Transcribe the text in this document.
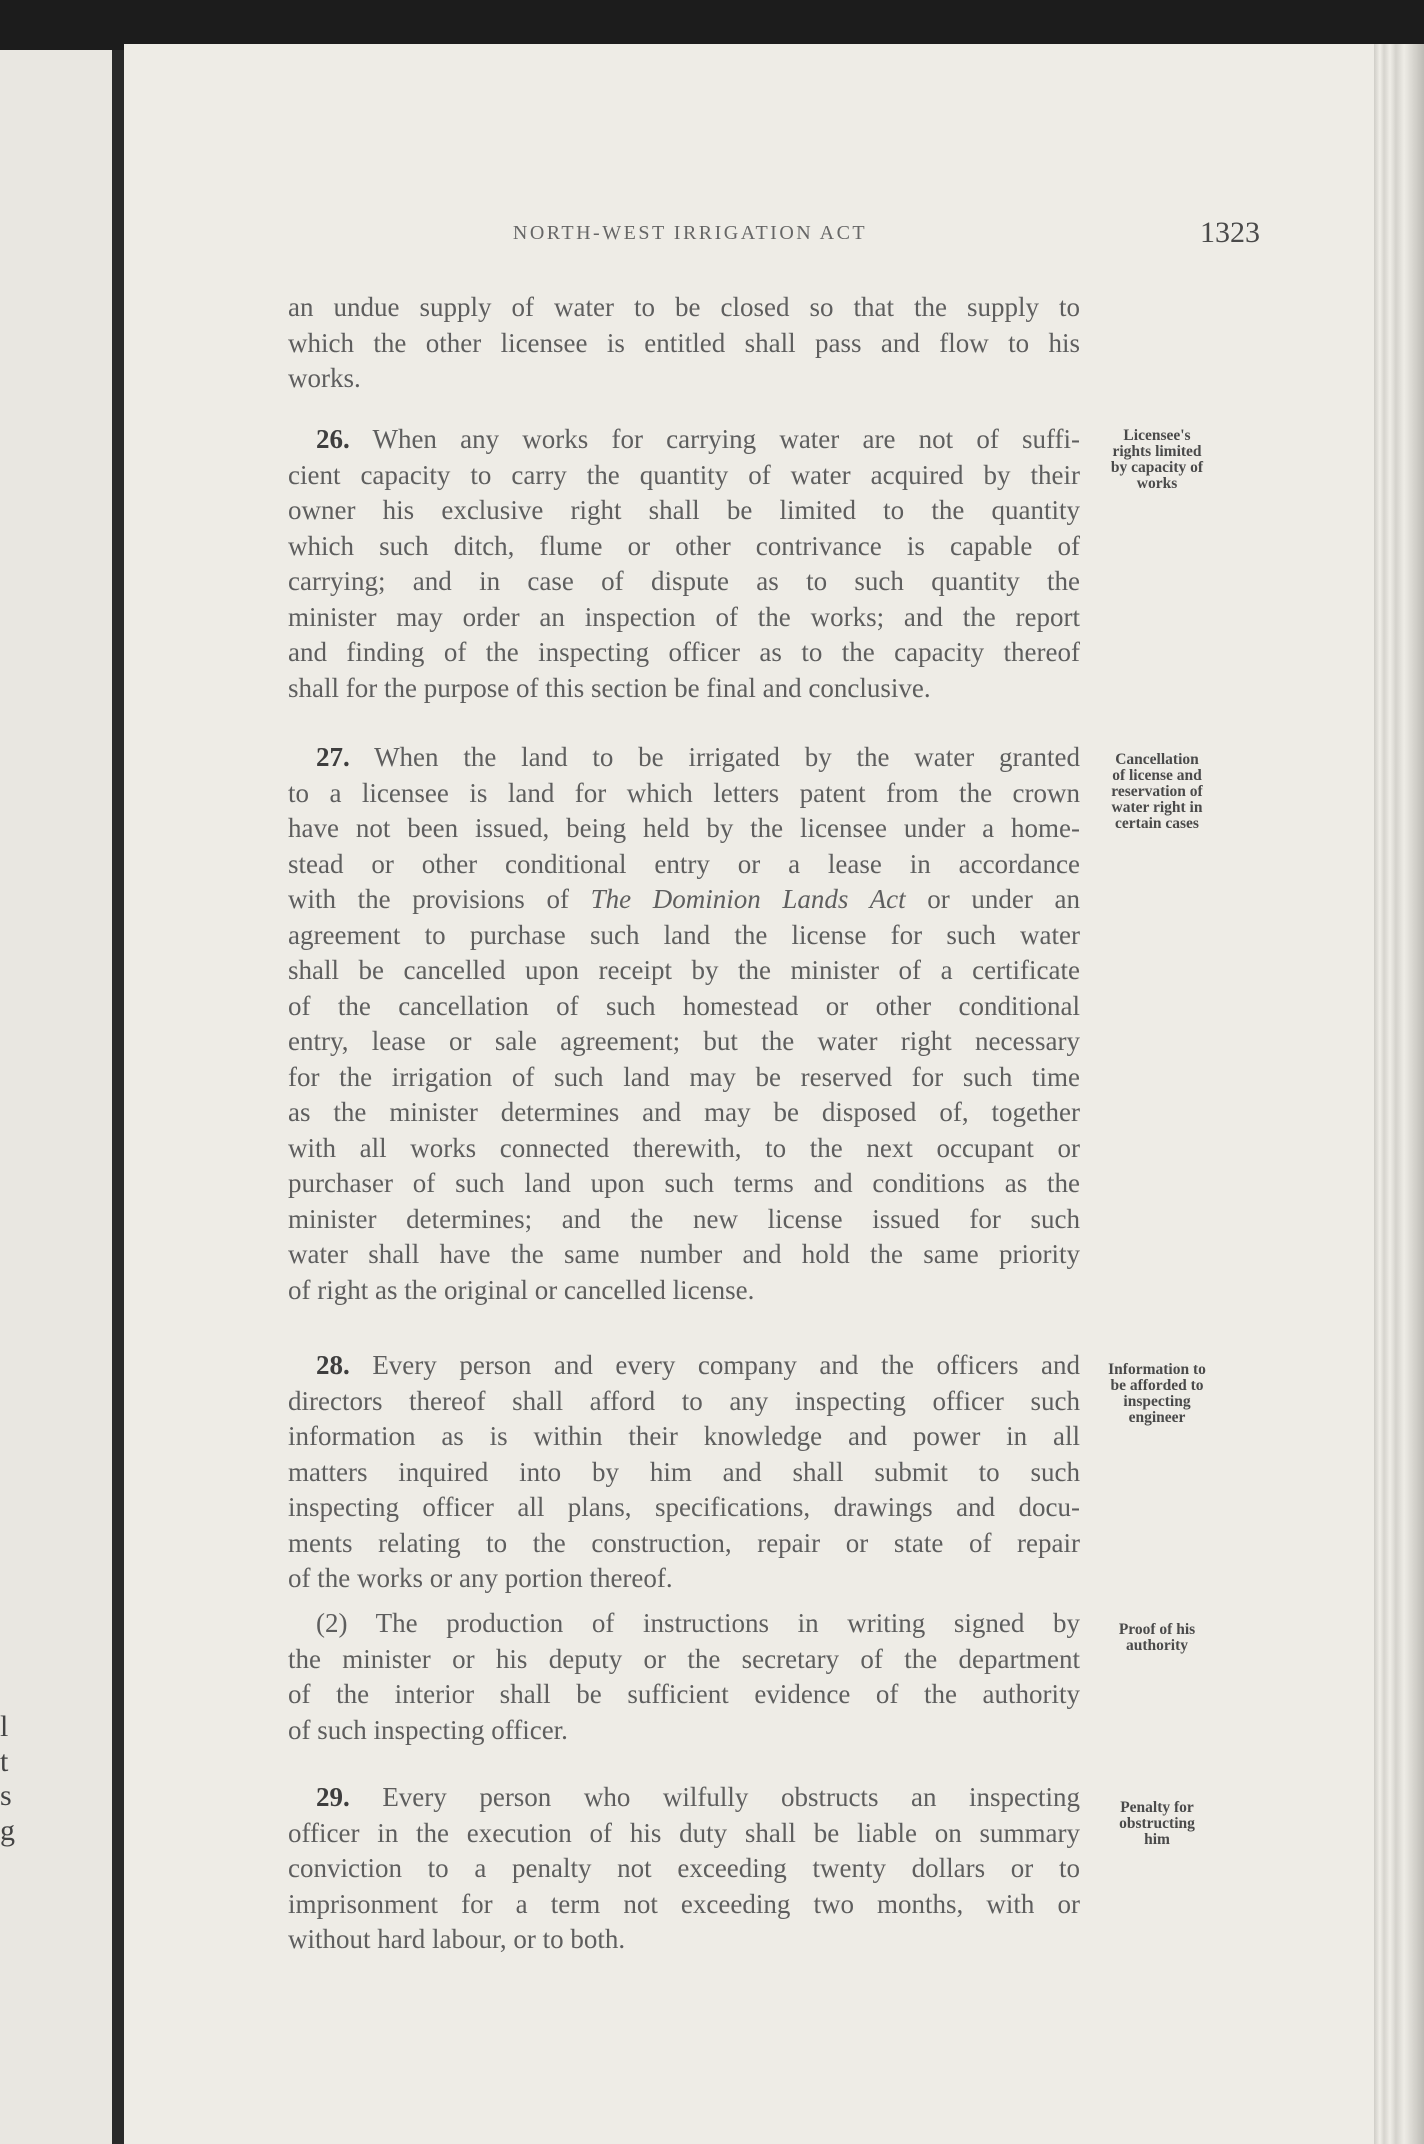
l
t
s
g
NORTH-WEST IRRIGATION ACT	1323
an undue supply of water to be closed so that the supply to
which the other licensee is entitled shall pass and flow to his
works.
26. When any works for carrying water are not of suffi-
cient capacity to carry the quantity of water acquired by their
owner his exclusive right shall be limited to the quantity
which such ditch, flume or other contrivance is capable of
carrying; and in case of dispute as to such quantity the
minister may order an inspection of the works; and the report
and finding of the inspecting officer as to the capacity thereof
shall for the purpose of this section be final and conclusive.
Licensee's
rights limited
by capacity of
works
27. When the land to be irrigated by the water granted
to a licensee is land for which letters patent from the crown
have not been issued, being held by the licensee under a home-
stead or other conditional entry or a lease in accordance
with the provisions of The Dominion Lands Act or under an
agreement to purchase such land the license for such water
shall be cancelled upon receipt by the minister of a certificate
of the cancellation of such homestead or other conditional
entry, lease or sale agreement; but the water right necessary
for the irrigation of such land may be reserved for such time
as the minister determines and may be disposed of, together
with all works connected therewith, to the next occupant or
purchaser of such land upon such terms and conditions as the
minister determines; and the new license issued for such
water shall have the same number and hold the same priority
of right as the original or cancelled license.
Cancellation
of license and
reservation of
water right in
certain cases
28. Every person and every company and the officers and
directors thereof shall afford to any inspecting officer such
information as is within their knowledge and power in all
matters inquired into by him and shall submit to such
inspecting officer all plans, specifications, drawings and docu-
ments relating to the construction, repair or state of repair
of the works or any portion thereof.
Information to
be afforded to
inspecting
engineer
(2) The production of instructions in writing signed by
the minister or his deputy or the secretary of the department
of the interior shall be sufficient evidence of the authority
of such inspecting officer.
Proof of his
authority
29. Every person who wilfully obstructs an inspecting
officer in the execution of his duty shall be liable on summary
conviction to a penalty not exceeding twenty dollars or to
imprisonment for a term not exceeding two months, with or
without hard labour, or to both.
Penalty for
obstructing
him
